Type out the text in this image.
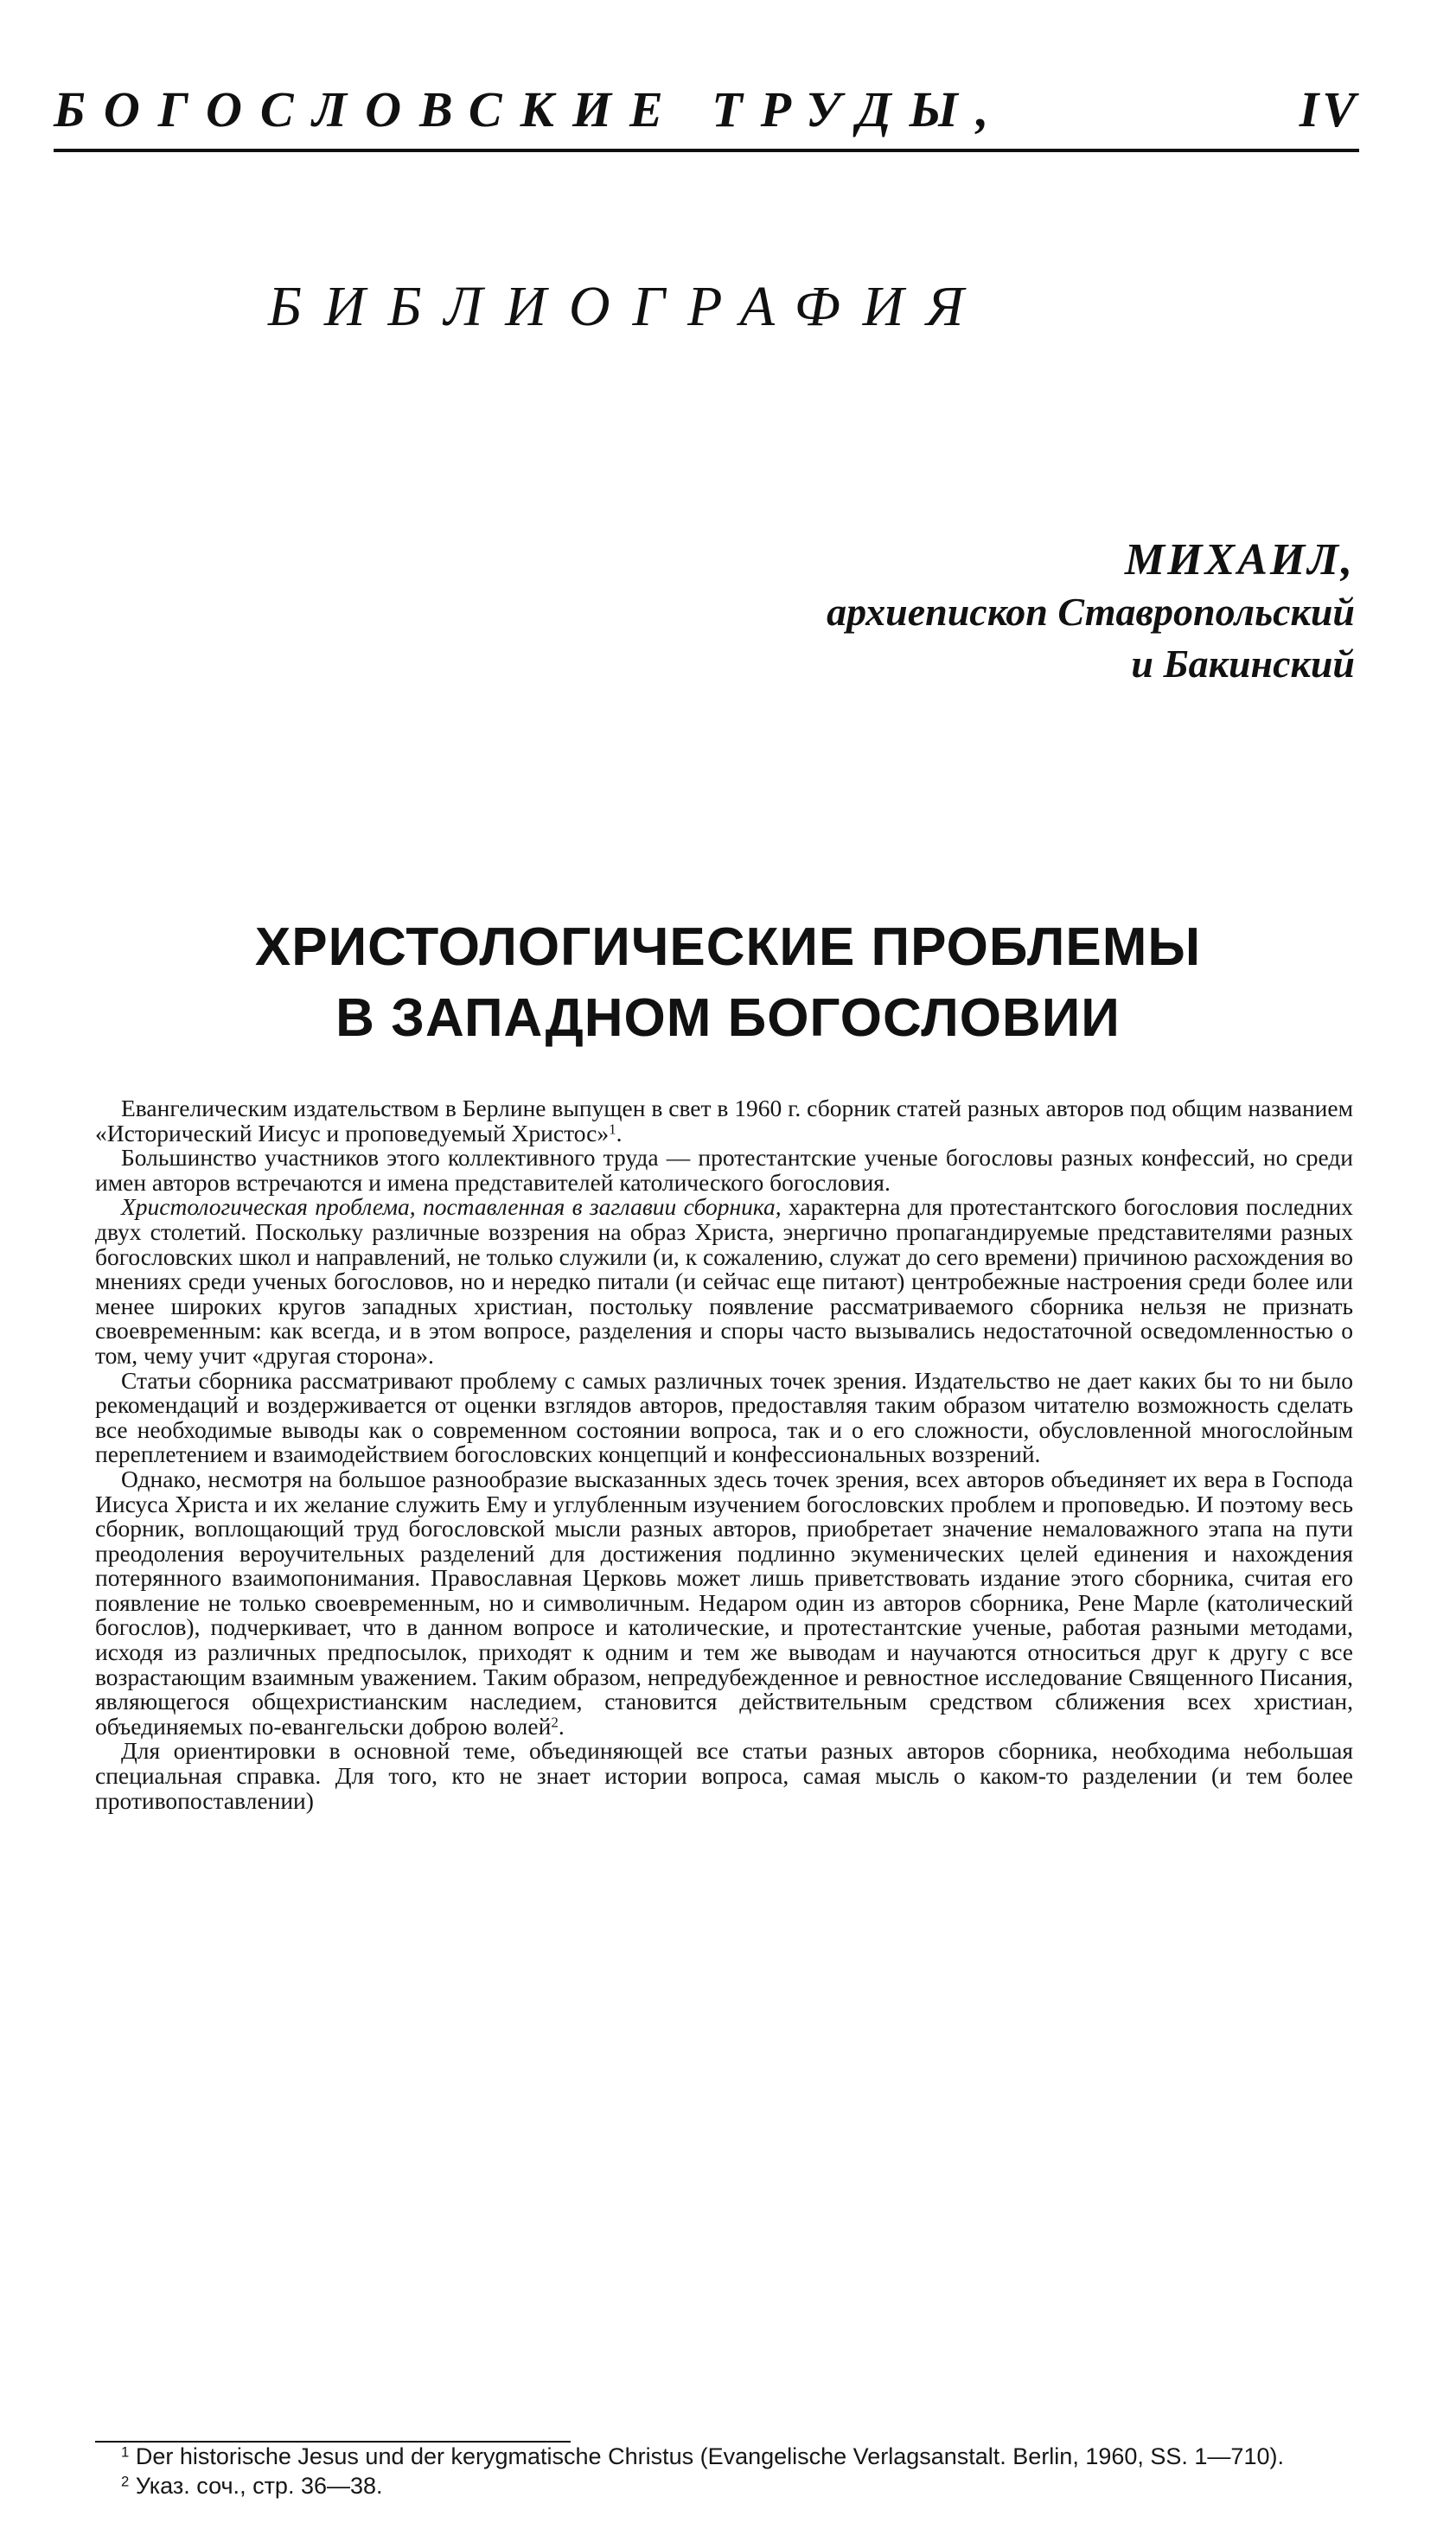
БОГОСЛОВСКИЕ ТРУДЫ,	IV
БИБЛИОГРАФИЯ
МИХАИЛ,
архиепископ Ставропольский
и Бакинский
ХРИСТОЛОГИЧЕСКИЕ ПРОБЛЕМЫ
В ЗАПАДНОМ БОГОСЛОВИИ

Евангелическим издательством в Берлине выпущен в свет в 1960 г. сборник статей разных авторов под общим названием «Исторический Иисус и проповедуемый Христос»$^1$.

Большинство участников этого коллективного труда — протестантские ученые богословы разных конфессий, но среди имен авторов встречаются и имена представителей католического богословия.

Христологическая проблема, поставленная в заглавии сборника, характерна для протестантского богословия последних двух столетий. Поскольку различные воззрения на образ Христа, энергично пропагандируемые представителями разных богословских школ и направлений, не только служили (и, к сожалению, служат до сего времени) причиною расхождения во мнениях среди ученых богословов, но и нередко питали (и сейчас еще питают) центробежные настроения среди более или менее широких кругов западных христиан, постольку появление рассматриваемого сборника нельзя не признать своевременным: как всегда, и в этом вопросе, разделения и споры часто вызывались недостаточной осведомленностью о том, чему учит «другая сторона».

Статьи сборника рассматривают проблему с самых различных точек зрения. Издательство не дает каких бы то ни было рекомендаций и воздерживается от оценки взглядов авторов, предоставляя таким образом читателю возможность сделать все необходимые выводы как о современном состоянии вопроса, так и о его сложности, обусловленной многослойным переплетением и взаимодействием богословских концепций и конфессиональных воззрений.

Однако, несмотря на большое разнообразие высказанных здесь точек зрения, всех авторов объединяет их вера в Господа Иисуса Христа и их желание служить Ему и углубленным изучением богословских проблем и проповедью. И поэтому весь сборник, воплощающий труд богословской мысли разных авторов, приобретает значение немаловажного этапа на пути преодоления вероучительных разделений для достижения подлинно экуменических целей единения и нахождения потерянного взаимопонимания. Православная Церковь может лишь приветствовать издание этого сборника, считая его появление не только своевременным, но и символичным. Недаром один из авторов сборника, Рене Марле (католический богослов), подчеркивает, что в данном вопросе и католические, и протестантские ученые, работая разными методами, исходя из различных предпосылок, приходят к одним и тем же выводам и научаются относиться друг к другу с все возрастающим взаимным уважением. Таким образом, непредубежденное и ревностное исследование Священного Писания, являющегося общехристианским наследием, становится действительным средством сближения всех христиан, объединяемых по-евангельски доброю волей$^2$.

Для ориентировки в основной теме, объединяющей все статьи разных авторов сборника, необходима небольшая специальная справка. Для того, кто не знает истории вопроса, самая мысль о каком-то разделении (и тем более противопоставлении)

$^1$ Der historische Jesus und der kerygmatische Christus (Evangelische Verlagsanstalt. Berlin, 1960, SS. 1—710).

$^2$ Указ. соч., стр. 36—38.
